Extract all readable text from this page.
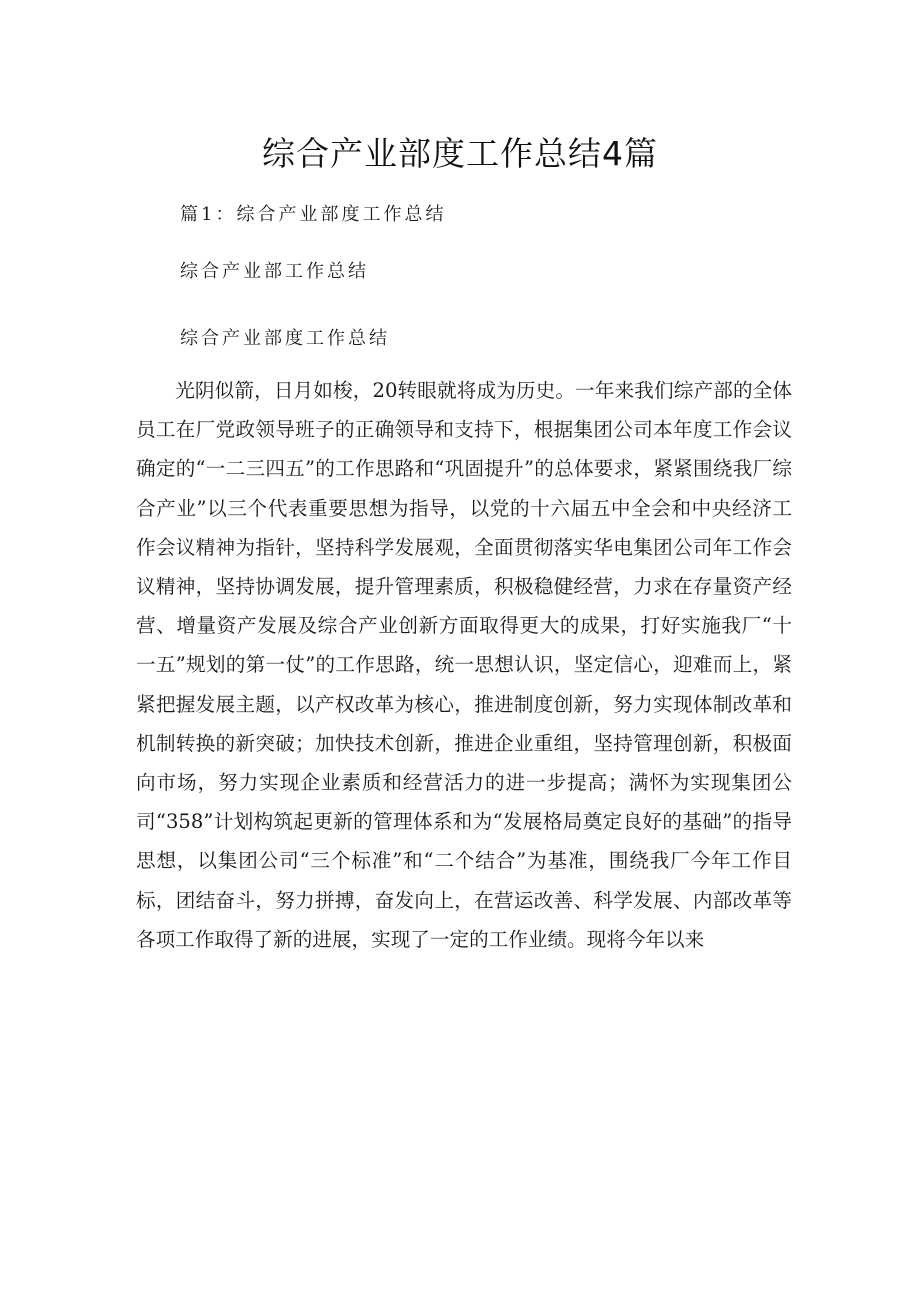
综合产业部度工作总结4篇

篇1：综合产业部度工作总结

综合产业部工作总结

综合产业部度工作总结

光阴似箭，日月如梭，20转眼就将成为历史。一年来我们综产部的全体员工在厂党政领导班子的正确领导和支持下，根据集团公司本年度工作会议确定的“一二三四五”的工作思路和“巩固提升”的总体要求，紧紧围绕我厂综合产业”以三个代表重要思想为指导，以党的十六届五中全会和中央经济工作会议精神为指针，坚持科学发展观，全面贯彻落实华电集团公司年工作会议精神，坚持协调发展，提升管理素质，积极稳健经营，力求在存量资产经营、增量资产发展及综合产业创新方面取得更大的成果，打好实施我厂“十一五”规划的第一仗”的工作思路，统一思想认识，坚定信心，迎难而上，紧紧把握发展主题，以产权改革为核心，推进制度创新，努力实现体制改革和机制转换的新突破；加快技术创新，推进企业重组，坚持管理创新，积极面向市场，努力实现企业素质和经营活力的进一步提高；满怀为实现集团公司“358”计划构筑起更新的管理体系和为“发展格局奠定良好的基础”的指导思想，以集团公司“三个标准”和“二个结合”为基准，围绕我厂今年工作目标，团结奋斗，努力拼搏，奋发向上，在营运改善、科学发展、内部改革等各项工作取得了新的进展，实现了一定的工作业绩。现将今年以来
